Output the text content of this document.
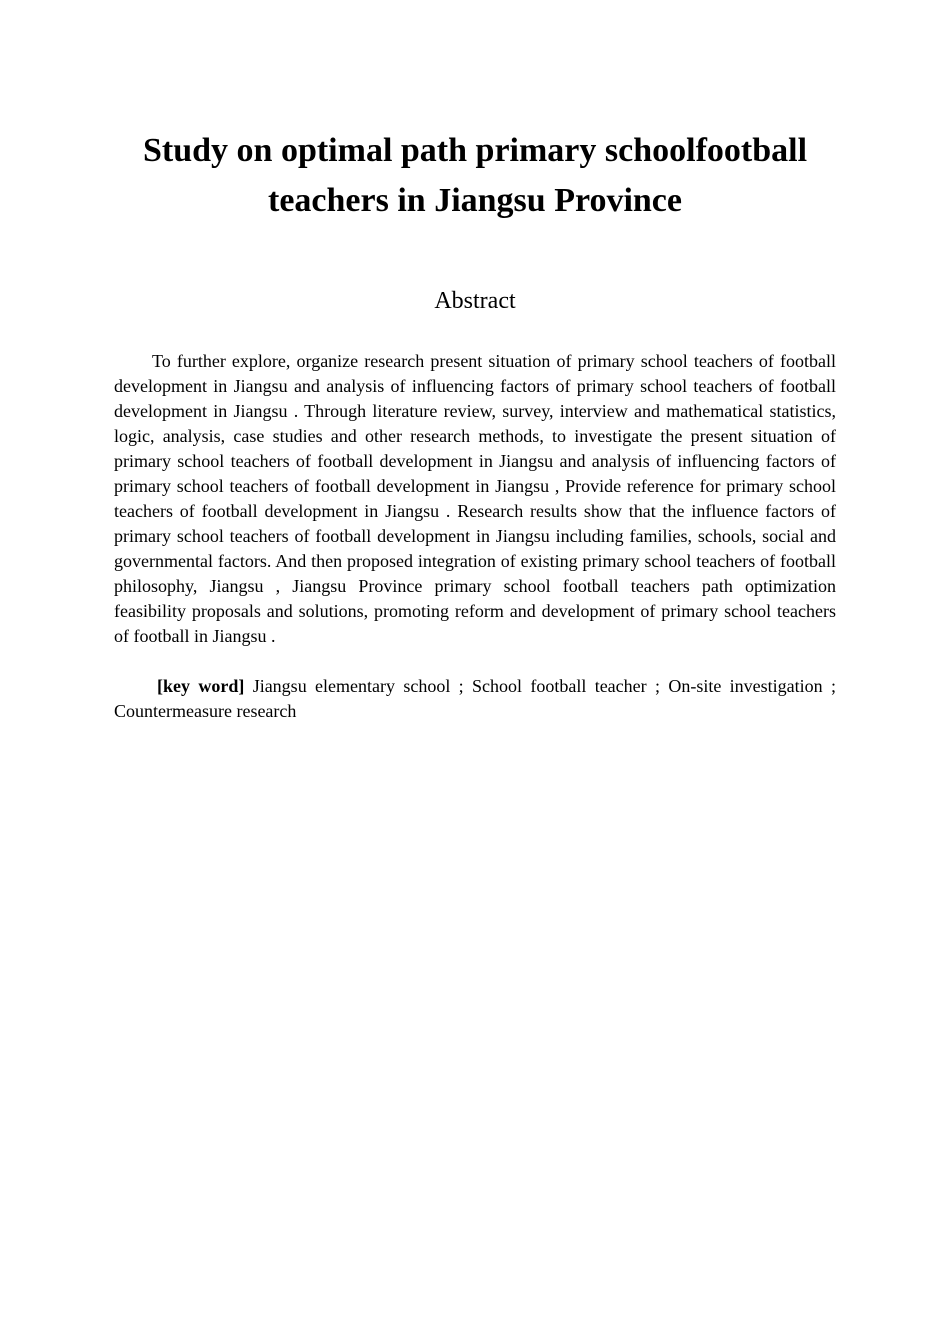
Study on optimal path primary schoolfootball
teachers in Jiangsu Province
Abstract

To further explore, organize research present situation of primary school teachers of football development in Jiangsu and analysis of influencing factors of primary school teachers of football development in Jiangsu . Through literature review, survey, interview and mathematical statistics, logic, analysis, case studies and other research methods, to investigate the present situation of primary school teachers of football development in Jiangsu and analysis of influencing factors of primary school teachers of football development in Jiangsu , Provide reference for primary school teachers of football development in Jiangsu . Research results show that the influence factors of primary school teachers of football development in Jiangsu including families, schools, social and governmental factors. And then proposed integration of existing primary school teachers of football philosophy, Jiangsu , Jiangsu Province primary school football teachers path optimization feasibility proposals and solutions, promoting reform and development of primary school teachers of football in Jiangsu .

[key word] Jiangsu elementary school ; School football teacher ; On-site investigation ; Countermeasure research
